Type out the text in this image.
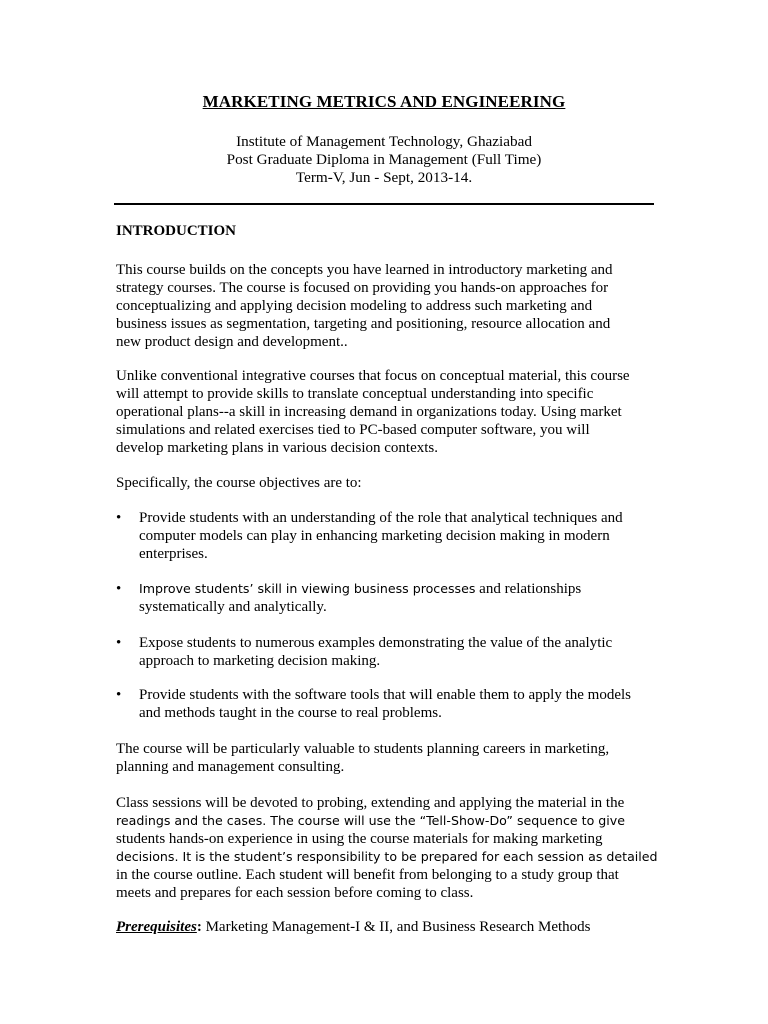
MARKETING METRICS AND ENGINEERING
Institute of Management Technology, Ghaziabad
Post Graduate Diploma in Management (Full Time)
Term-V, Jun - Sept, 2013-14.
INTRODUCTION
This course builds on the concepts you have learned in introductory marketing and
strategy courses. The course is focused on providing you hands-on approaches for
conceptualizing and applying decision modeling to address such marketing and
business issues as segmentation, targeting and positioning, resource allocation and
new product design and development..
Unlike conventional integrative courses that focus on conceptual material, this course
will attempt to provide skills to translate conceptual understanding into specific
operational plans--a skill in increasing demand in organizations today. Using market
simulations and related exercises tied to PC-based computer software, you will
develop marketing plans in various decision contexts.
Specifically, the course objectives are to:
• Provide students with an understanding of the role that analytical techniques and
computer models can play in enhancing marketing decision making in modern
enterprises.
• Improve students’ skill in viewing business processes and relationships
systematically and analytically.
• Expose students to numerous examples demonstrating the value of the analytic
approach to marketing decision making.
• Provide students with the software tools that will enable them to apply the models
and methods taught in the course to real problems.
The course will be particularly valuable to students planning careers in marketing,
planning and management consulting.
Class sessions will be devoted to probing, extending and applying the material in the
readings and the cases. The course will use the “Tell-Show-Do” sequence to give
students hands-on experience in using the course materials for making marketing
decisions. It is the student’s responsibility to be prepared for each session as detailed
in the course outline. Each student will benefit from belonging to a study group that
meets and prepares for each session before coming to class.
Prerequisites: Marketing Management-I & II, and Business Research Methods
